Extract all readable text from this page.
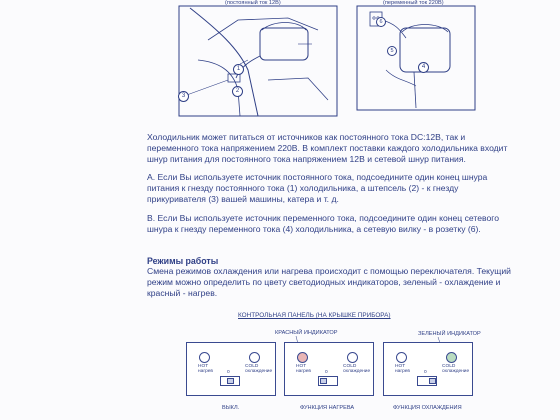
(постоянный ток 12В)
1
2
3
(переменный ток 220В)
6
5
4

Холодильник может питаться от источников как постоянного тока DC:12В, так и переменного тока напряжением 220В. В комплект поставки каждого холодильника входит шнур питания для постоянного тока напряжением 12В и сетевой шнур питания.

А. Если Вы используете источник постоянного тока, подсоедините один конец шнура питания к гнезду постоянного тока (1) холодильника, а штепсель (2) - к гнезду прикуривателя (3) вашей машины, катера и т. д.

В. Если Вы используете источник переменного тока, подсоедините один конец сетевого шнура к гнезду переменного тока (4) холодильника, а сетевую вилку - в розетку (6).

Режимы работы

Смена режимов охлаждения или нагрева происходит с помощью переключателя. Текущий режим можно определить по цвету светодиодных индикаторов, зеленый - охлаждение и красный - нагрев.

КОНТРОЛЬНАЯ ПАНЕЛЬ (НА КРЫШКЕ ПРИБОРА)
КРАСНЫЙ ИНДИКАТОР	ЗЕЛЕНЫЙ ИНДИКАТОР
HOT
нагрев
COLD
охлаждение
0
ВЫКЛ.
HOT
нагрев
COLD
охлаждение
0
ФУНКЦИЯ НАГРЕВА
HOT
нагрев
COLD
охлаждение
0
ФУНКЦИЯ ОХЛАЖДЕНИЯ
